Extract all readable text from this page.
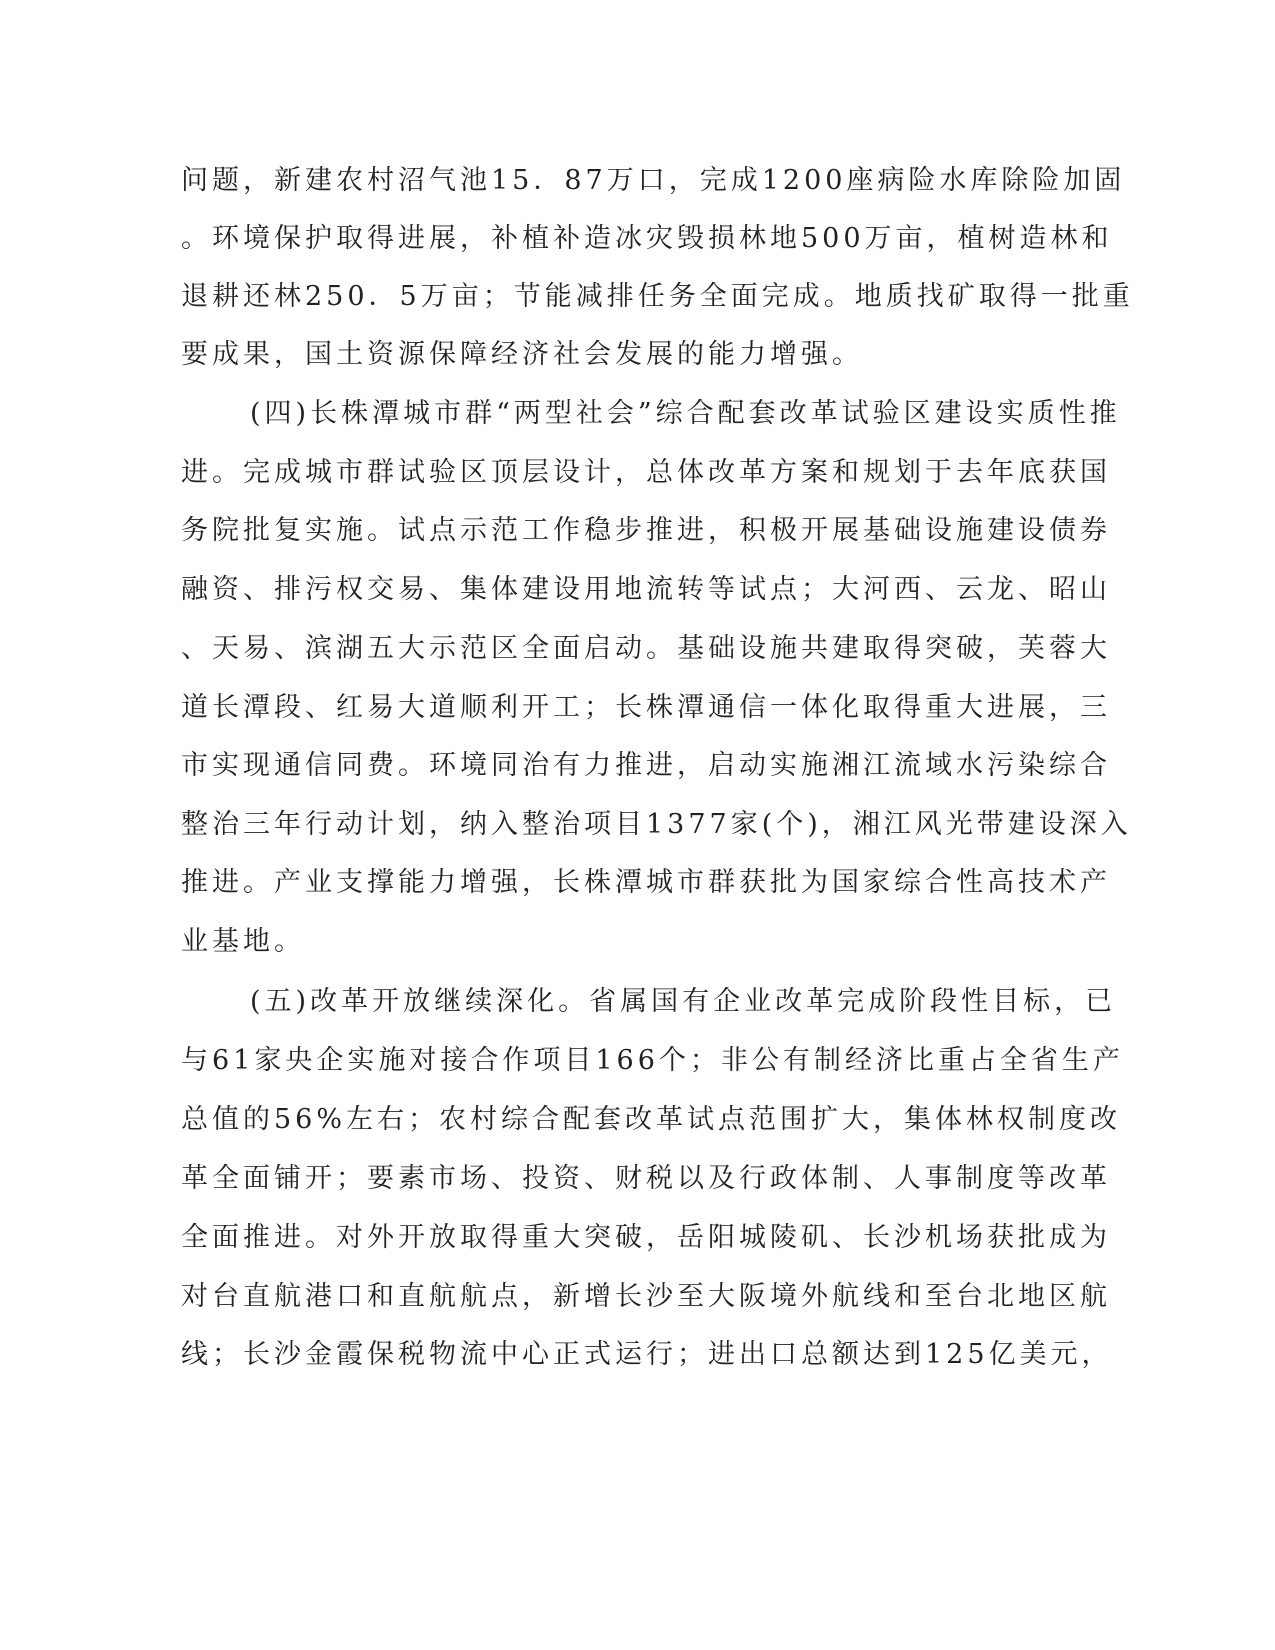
问题，新建农村沼气池15．87万口，完成1200座病险水库除险加固
。环境保护取得进展，补植补造冰灾毁损林地500万亩，植树造林和
退耕还林250．5万亩；节能减排任务全面完成。地质找矿取得一批重
要成果，国土资源保障经济社会发展的能力增强。
(四)长株潭城市群“两型社会”综合配套改革试验区建设实质性推
进。完成城市群试验区顶层设计，总体改革方案和规划于去年底获国
务院批复实施。试点示范工作稳步推进，积极开展基础设施建设债券
融资、排污权交易、集体建设用地流转等试点；大河西、云龙、昭山
、天易、滨湖五大示范区全面启动。基础设施共建取得突破，芙蓉大
道长潭段、红易大道顺利开工；长株潭通信一体化取得重大进展，三
市实现通信同费。环境同治有力推进，启动实施湘江流域水污染综合
整治三年行动计划，纳入整治项目1377家(个)，湘江风光带建设深入
推进。产业支撑能力增强，长株潭城市群获批为国家综合性高技术产
业基地。
(五)改革开放继续深化。省属国有企业改革完成阶段性目标，已
与61家央企实施对接合作项目166个；非公有制经济比重占全省生产
总值的56%左右；农村综合配套改革试点范围扩大，集体林权制度改
革全面铺开；要素市场、投资、财税以及行政体制、人事制度等改革
全面推进。对外开放取得重大突破，岳阳城陵矶、长沙机场获批成为
对台直航港口和直航航点，新增长沙至大阪境外航线和至台北地区航
线；长沙金霞保税物流中心正式运行；进出口总额达到125亿美元，
